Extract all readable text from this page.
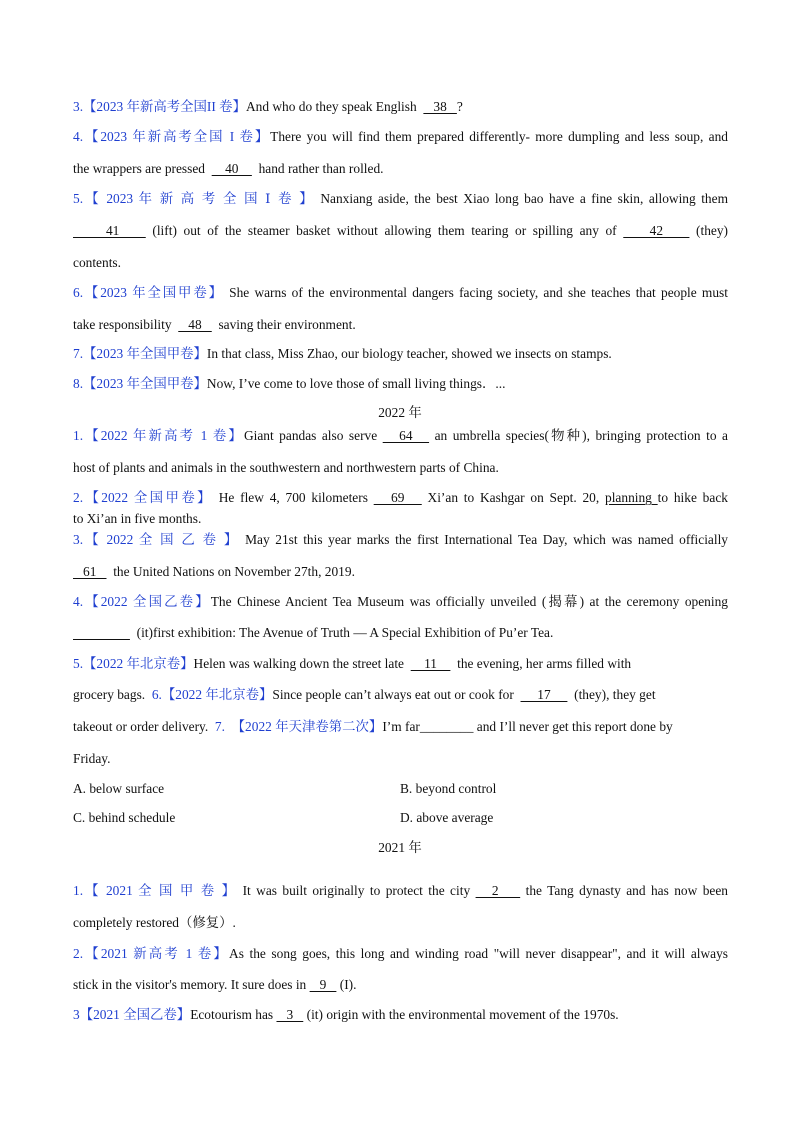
3.【2023 年新高考全国II 卷】And who do they speak English     38   ?
4.【2023 年新高考全国 I 卷】There you will find them prepared differently- more dumpling and less soup, and
the wrappers are pressed      40      hand rather than rolled.
5.【 2023 年 新 高 考 全 国 Ⅰ 卷 】 Nanxiang aside, the best Xiao long bao have a fine skin, allowing them
41     (lift) out of the steamer basket without allowing them tearing or spilling any of     42     (they)
contents.
6.【2023 年全国甲卷】 She warns of the environmental dangers facing society, and she teaches that people must
take responsibility     48     saving their environment.
7.【2023 年全国甲卷】In that class, Miss Zhao, our biology teacher, showed we insects on stamps.
8.【2023 年全国甲卷】Now, I’ve come to love those of small living things．...
2022 年
1.【2022 年新高考 1 卷】Giant pandas also serve    64    an umbrella species(物种), bringing protection to a
host of plants and animals in the southwestern and northwestern parts of China.
2.【2022 全国甲卷】 He flew 4, 700 kilometers    69    Xi’an to Kashgar on Sept. 20, planning to hike back
to Xi’an in five months.
3.【 2022 全 国 乙 卷 】 May 21st this year marks the first International Tea Day, which was named officially
61     the United Nations on November 27th, 2019.
4.【2022 全国乙卷】The Chinese Ancient Tea Museum was officially unveiled (揭幕) at the ceremony opening
(it)first exhibition: The Avenue of Truth — A Special Exhibition of Pu’er Tea.
5.【2022 年北京卷】Helen was walking down the street late      11      the evening, her arms filled with
grocery bags. 6.【2022 年北京卷】Since people can’t always eat out or cook for       17       (they), they get
takeout or order delivery. 7. 【2022 年天津卷第二次】I’m far________ and I’ll never get this report done by
Friday.
A. below surface	B. beyond control
C. behind schedule	D. above average
2021 年
1.【 2021 全 国 甲 卷 】 It was built originally to protect the city    2     the Tang dynasty and has now been
completely restored（修复）.
2.【2021 新高考 1 卷】As the song goes, this long and winding road "will never disappear", and it will always
stick in the visitor's memory. It sure does in    9    (I).
3【2021 全国乙卷】Ecotourism has    3    (it) origin with the environmental movement of the 1970s.
